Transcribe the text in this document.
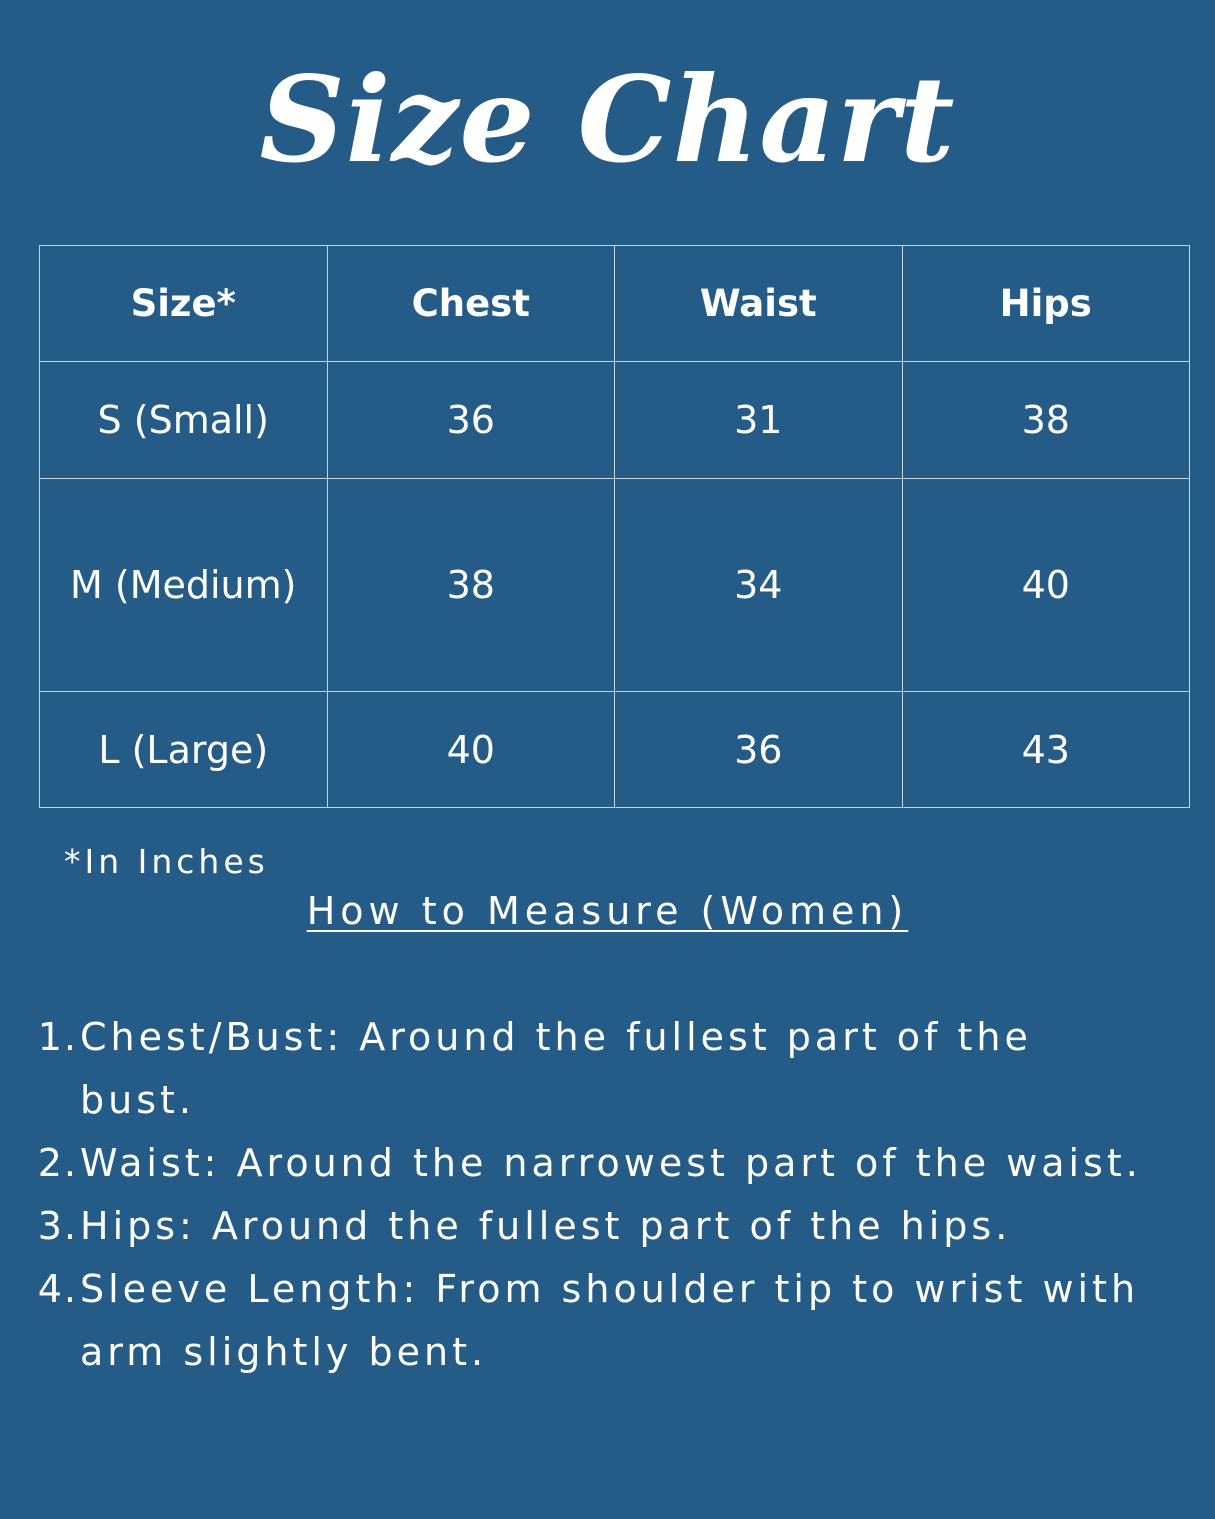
Size Chart
Size*	Chest	Waist	Hips
S (Small)	36	31	38
M (Medium)	38	34	40
L (Large)	40	36	43
*In Inches
How to Measure (Women)
1. Chest/Bust: Around the fullest part of the bust.
2. Waist: Around the narrowest part of the waist.
3. Hips: Around the fullest part of the hips.
4. Sleeve Length: From shoulder tip to wrist with arm slightly bent.
